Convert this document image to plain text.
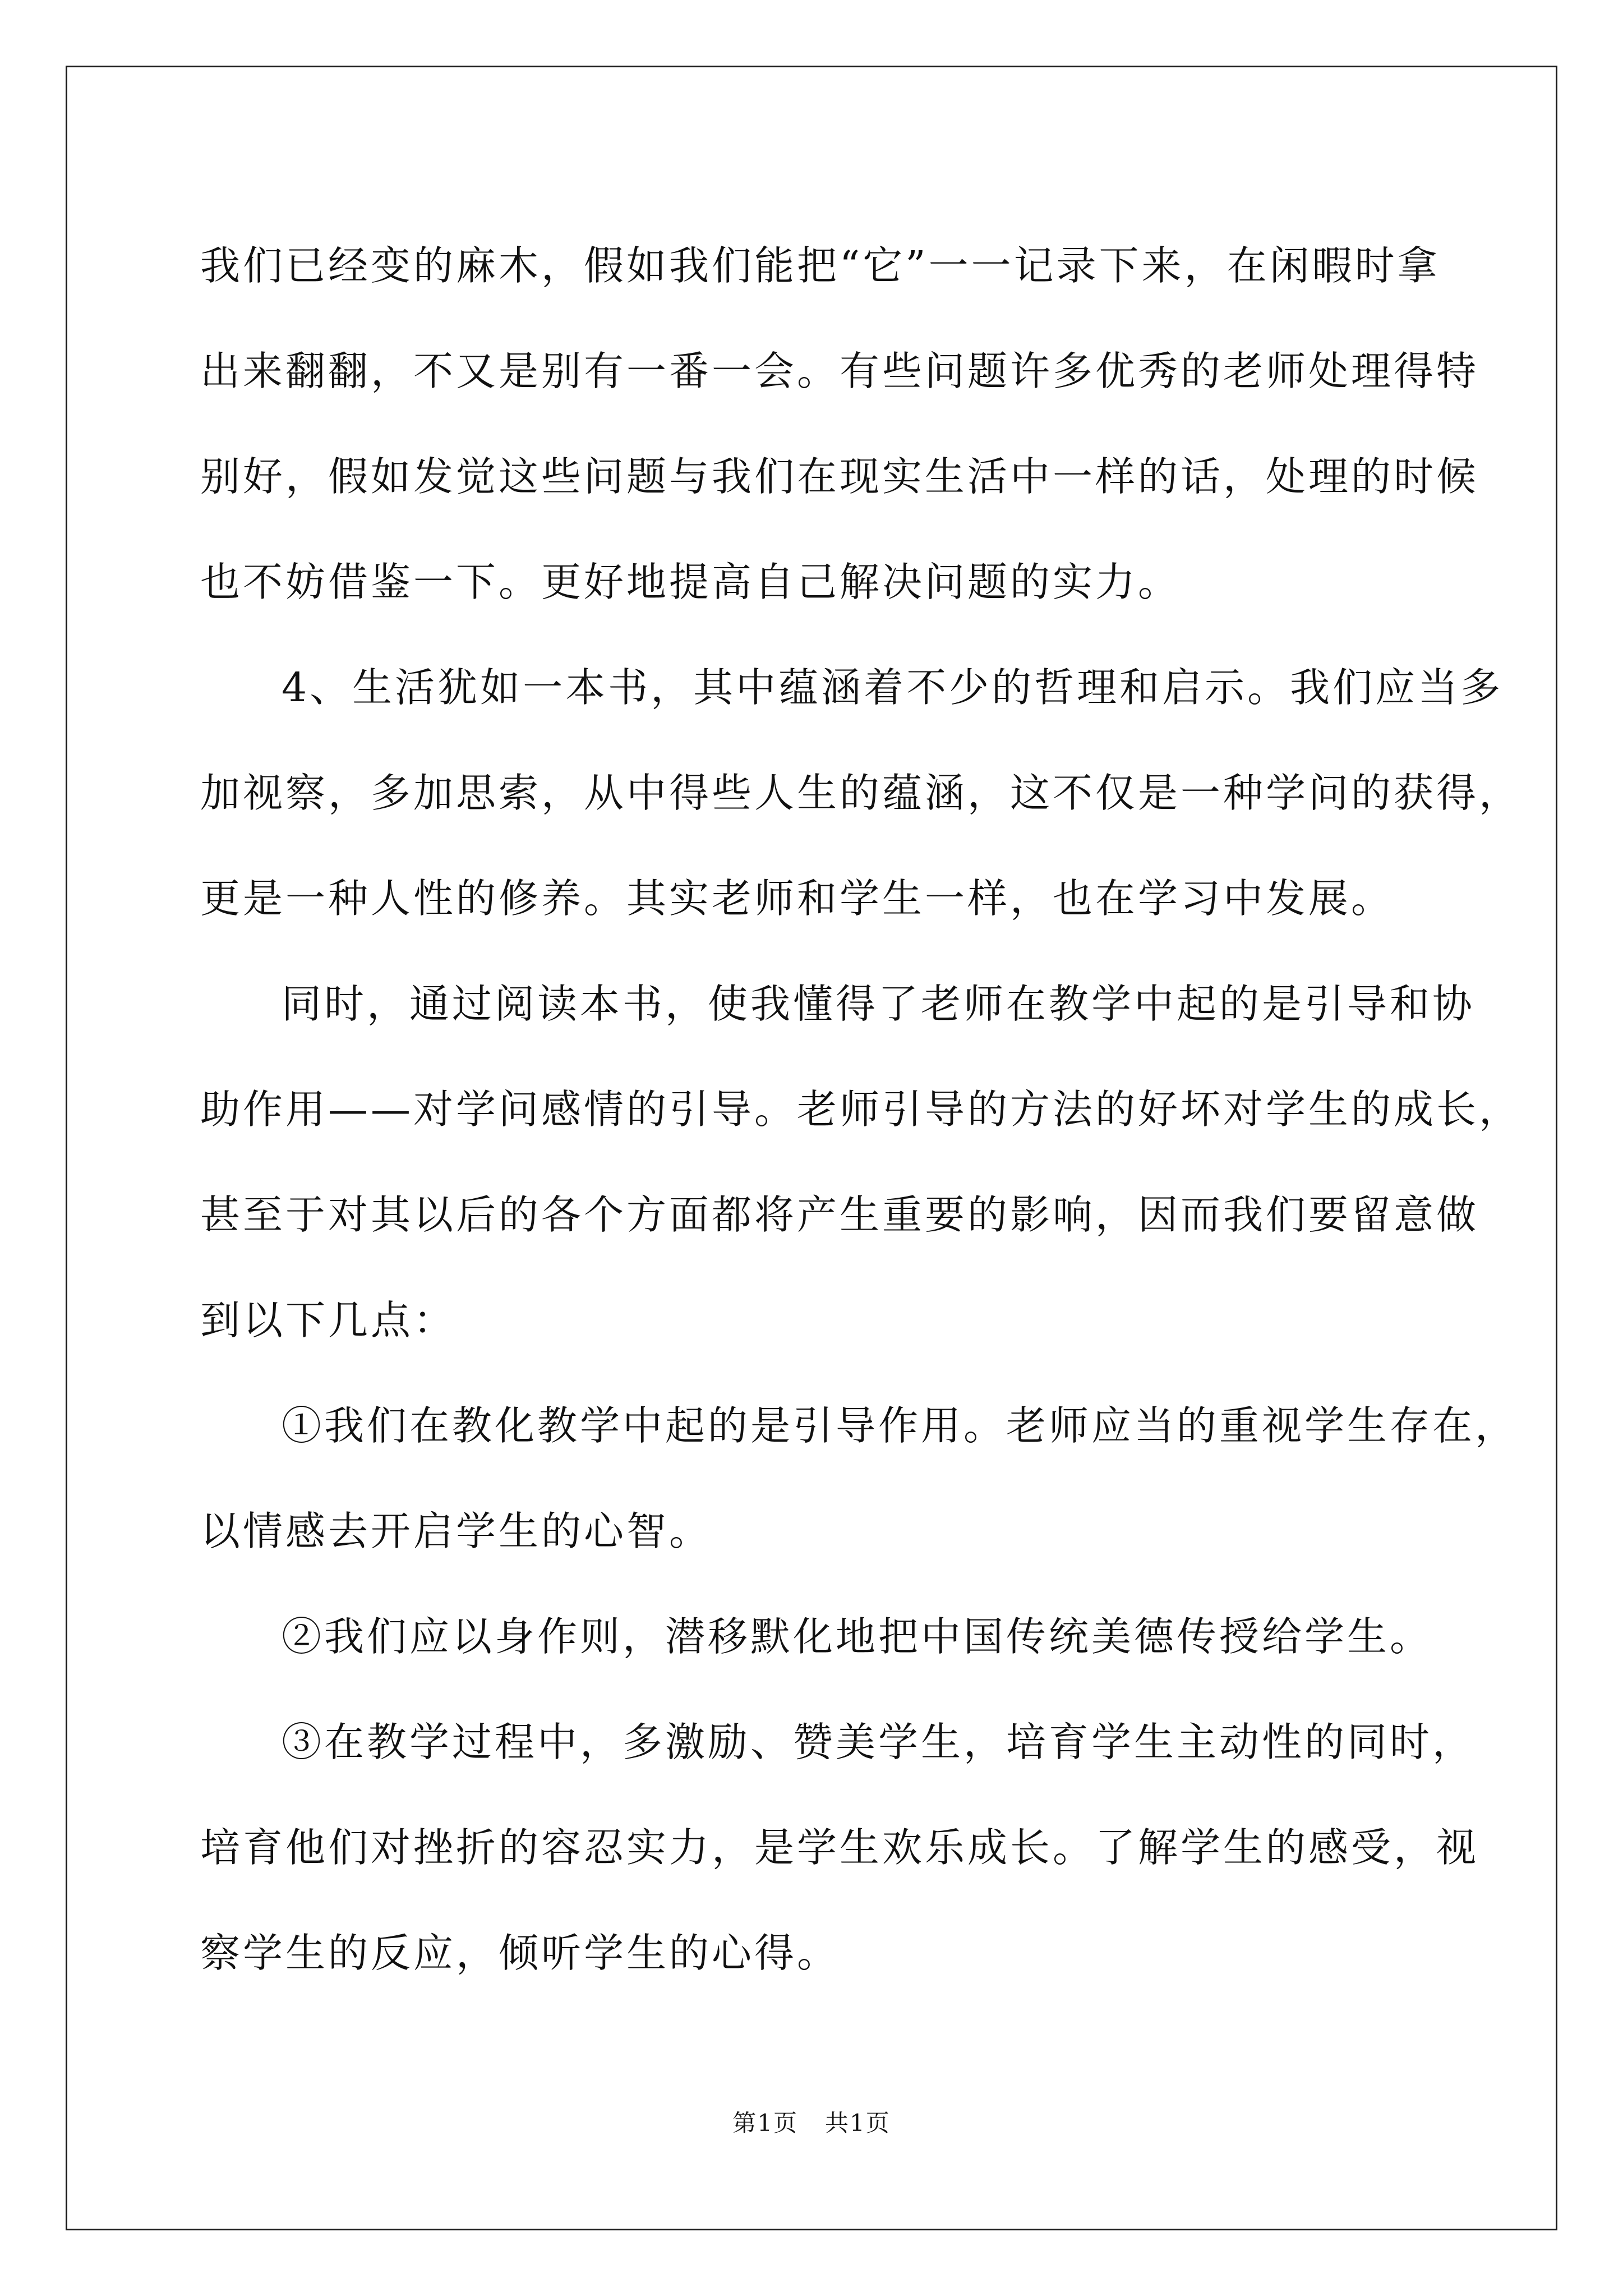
我们已经变的麻木，假如我们能把“它”一一记录下来，在闲暇时拿
出来翻翻，不又是别有一番一会。有些问题许多优秀的老师处理得特
别好，假如发觉这些问题与我们在现实生活中一样的话，处理的时候
也不妨借鉴一下。更好地提高自己解决问题的实力。
4、生活犹如一本书，其中蕴涵着不少的哲理和启示。我们应当多
加视察，多加思索，从中得些人生的蕴涵，这不仅是一种学问的获得，
更是一种人性的修养。其实老师和学生一样，也在学习中发展。
同时，通过阅读本书，使我懂得了老师在教学中起的是引导和协
助作用——对学问感情的引导。老师引导的方法的好坏对学生的成长，
甚至于对其以后的各个方面都将产生重要的影响，因而我们要留意做
到以下几点：
①我们在教化教学中起的是引导作用。老师应当的重视学生存在，
以情感去开启学生的心智。
②我们应以身作则，潜移默化地把中国传统美德传授给学生。
③在教学过程中，多激励、赞美学生，培育学生主动性的同时，
培育他们对挫折的容忍实力，是学生欢乐成长。了解学生的感受，视
察学生的反应，倾听学生的心得。
第1页 共1页
